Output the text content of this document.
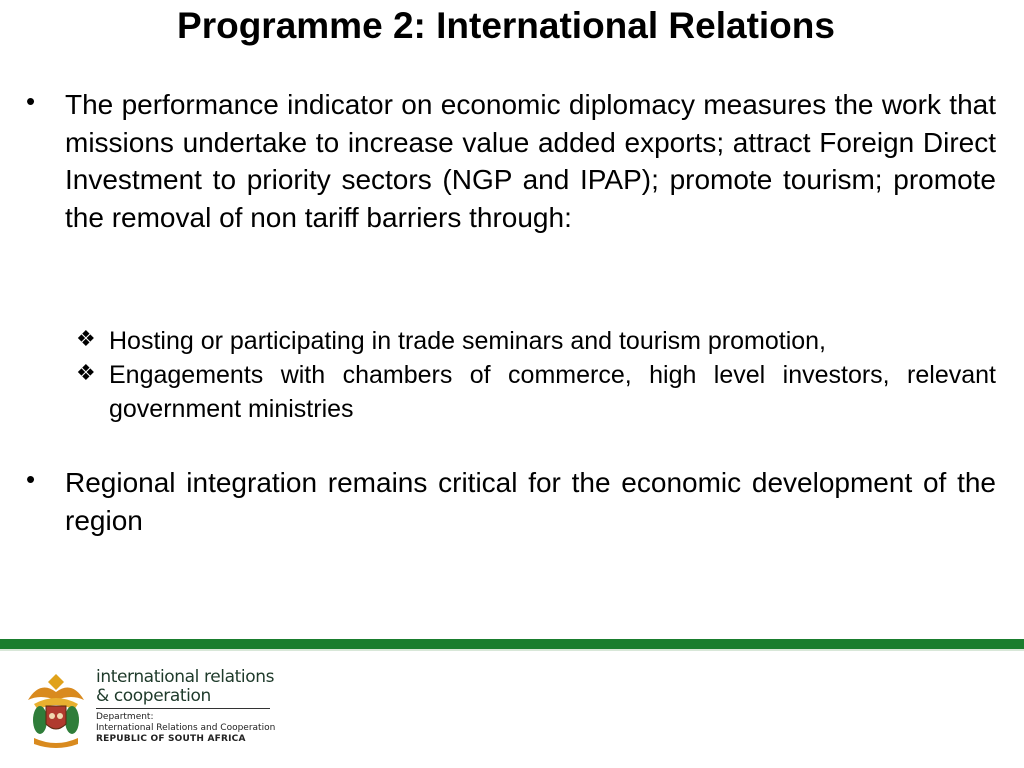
Programme 2: International Relations
• The performance indicator on economic diplomacy measures the work that missions undertake to increase value added exports; attract Foreign Direct Investment to priority sectors (NGP and IPAP); promote tourism; promote the removal of non tariff barriers through:
❖ Hosting or participating in trade seminars and tourism promotion,
❖ Engagements with chambers of commerce, high level investors, relevant government ministries
• Regional integration remains critical for the economic development of the region
international relations
& cooperation
Department:
International Relations and Cooperation
REPUBLIC OF SOUTH AFRICA
